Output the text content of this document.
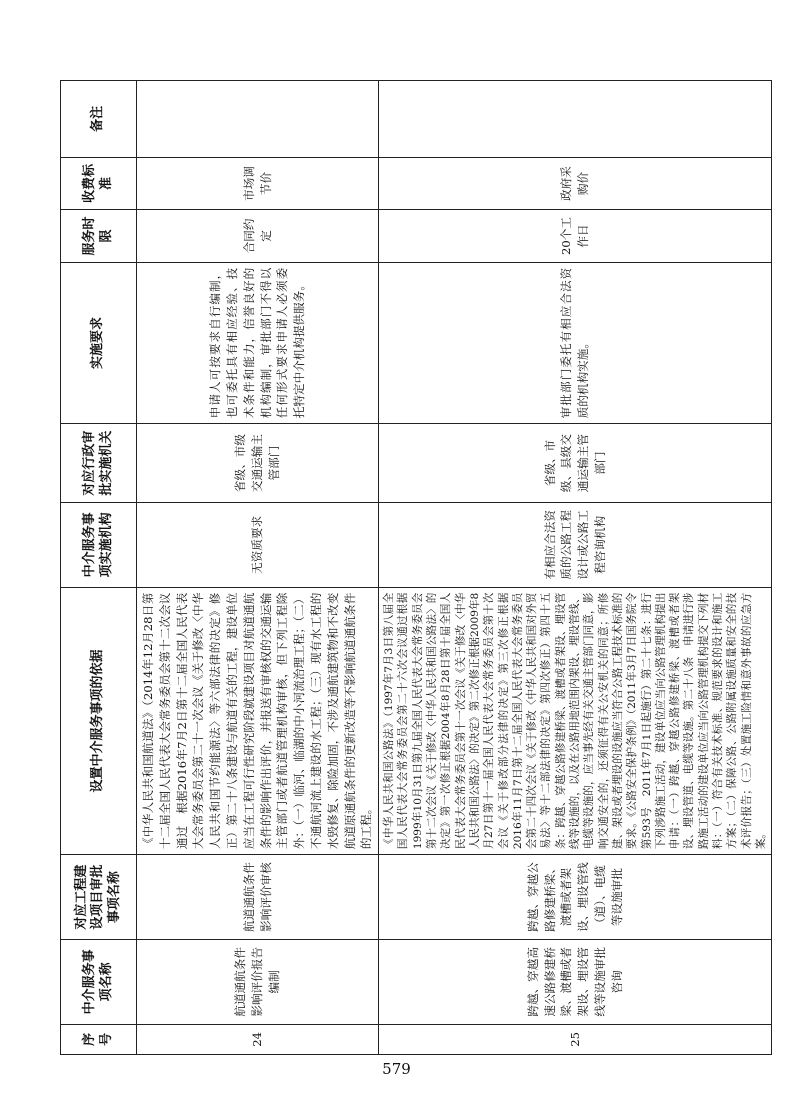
序号	中介服务事项名称	对应工程建设项目审批事项名称	设置中介服务事项的依据	中介服务事项实施机构	对应行政审批实施机关	实施要求	服务时限	收费标准	备注
24	航道通航条件影响评价报告编制	航道通航条件影响评价审核	《中华人民共和国航道法》（2014年12月28日第十二届全国人民代表大会常务委员会第十二次会议通过　根据2016年7月2日第十二届全国人民代表大会常务委员会第二十一次会议《关于修改〈中华人民共和国节约能源法〉等六部法律的决定》修正）第二十八条建设与航道有关的工程，建设单位应当在工程可行性研究阶段就建设项目对航道通航条件的影响作出评价，并报送有审核权的交通运输主管部门或者航道管理机构审核，但下列工程除外：（一）临河、临湖的中小河流治理工程；（二）不通航河流上建设的水工程；（三）现有水工程的水毁修复、除险加固，不涉及通航建筑物和不改变航道原通航条件的更新改造等不影响航道通航条件的工程。	无资质要求	省级、市级交通运输主管部门	申请人可按要求自行编制，也可委托具有相应经验、技术条件和能力，信誉良好的机构编制，审批部门不得以任何形式要求申请人必须委托特定中介机构提供服务。	合同约定	市场调节价	
25	跨越、穿越高速公路修建桥梁、渡槽或者架设、埋设管线等设施审批咨询	跨越、穿越公路修建桥梁、渡槽或者架设、埋设管线（道）、电缆等设施审批	《中华人民共和国公路法》（1997年7月3日第八届全国人民代表大会常务委员会第二十六次会议通过根据1999年10月31日第九届全国人民代表大会常务委员会第十二次会议《关于修改〈中华人民共和国公路法〉的决定》第一次修正根据2004年8月28日第十届全国人民代表大会常务委员会第十一次会议《关于修改〈中华人民共和国公路法〉的决定》第二次修正根据2009年8月27日第十一届全国人民代表大会常务委员会第十次会议《关于修改部分法律的决定》第三次修正根据2016年11月7日第十二届全国人民代表大会常务委员会第二十四次会议《关于修改〈中华人民共和国对外贸易法〉等十二部法律的决定》第四次修正）第四十五条：跨越、穿越公路修建桥梁、渡槽或者架设、埋设管线等设施的，以及在公路用地范围内架设、埋设管线、电缆等设施的，应当事先经有关交通主管部门同意，影响交通安全的，还须征得有关公安机关的同意；所修建、架设或者埋设的设施应当符合公路工程技术标准的要求。《公路安全保护条例》（2011年3月7日国务院令第593号　2011年7月1日起施行）第二十七条：进行下列涉路施工活动，建设单位应当向公路管理机构提出申请：（一）跨越、穿越公路修建桥梁、渡槽或者架设、埋设管道、电缆等设施。第二十八条　申请进行涉路施工活动的建设单位应当向公路管理机构提交下列材料：（一）符合有关技术标准、规范要求的设计和施工方案；（二）保障公路、公路附属设施质量和安全的技术评价报告；（三）处置施工险情和意外事故的应急方案。	有相应合法资质的公路工程设计或公路工程咨询机构	省级、市级、县级交通运输主管部门	审批部门委托有相应合法资质的机构实施。	20个工作日	政府采购价	
579
